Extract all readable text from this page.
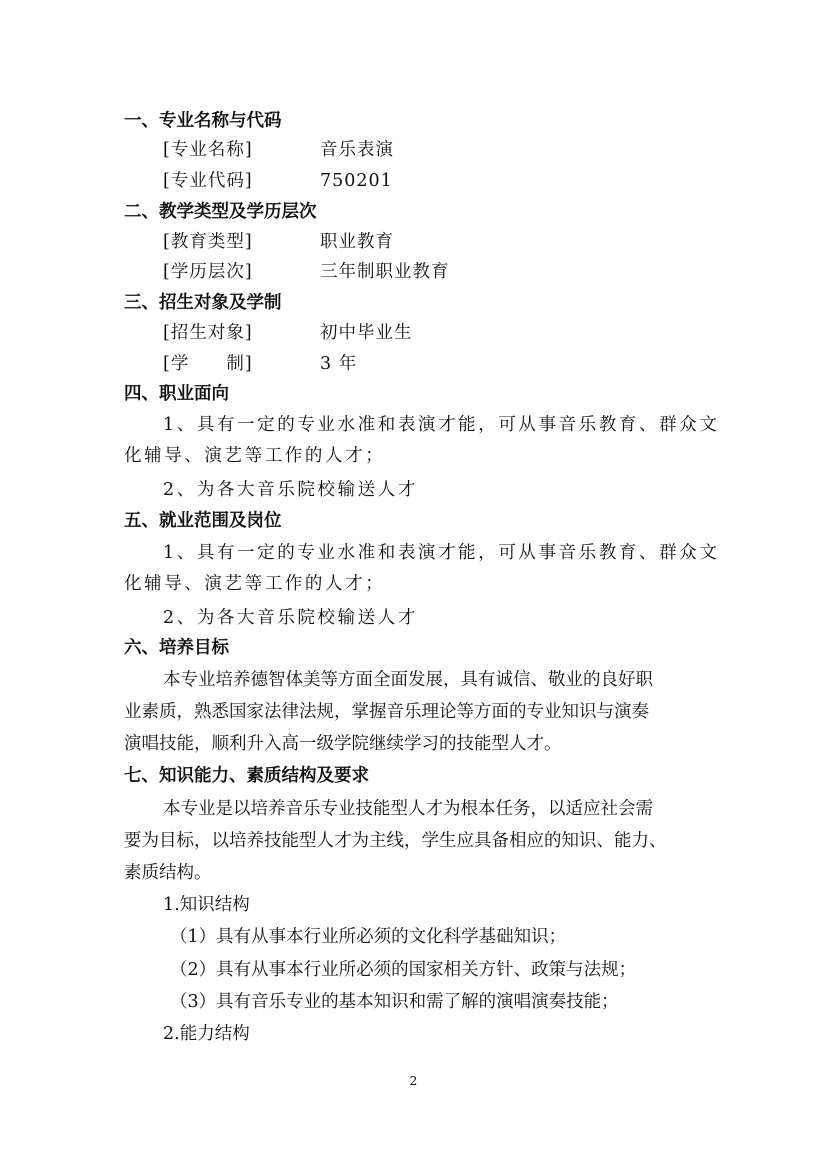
一、专业名称与代码
[专业名称]	音乐表演
[专业代码]	750201
二、教学类型及学历层次
[教育类型]	职业教育
[学历层次]	三年制职业教育
三、招生对象及学制
[招生对象]	初中毕业生
[学　　制]	3 年
四、职业面向
1、具有一定的专业水准和表演才能，可从事音乐教育、群众文
化辅导、演艺等工作的人才；
2、为各大音乐院校输送人才
五、就业范围及岗位
1、具有一定的专业水准和表演才能，可从事音乐教育、群众文
化辅导、演艺等工作的人才；
2、为各大音乐院校输送人才
六、培养目标
本专业培养德智体美等方面全面发展，具有诚信、敬业的良好职
业素质，熟悉国家法律法规，掌握音乐理论等方面的专业知识与演奏
演唱技能，顺利升入高一级学院继续学习的技能型人才。
七、知识能力、素质结构及要求
本专业是以培养音乐专业技能型人才为根本任务，以适应社会需
要为目标，以培养技能型人才为主线，学生应具备相应的知识、能力、
素质结构。
1.知识结构
（1）具有从事本行业所必须的文化科学基础知识；
（2）具有从事本行业所必须的国家相关方针、政策与法规；
（3）具有音乐专业的基本知识和需了解的演唱演奏技能；
2.能力结构
2
